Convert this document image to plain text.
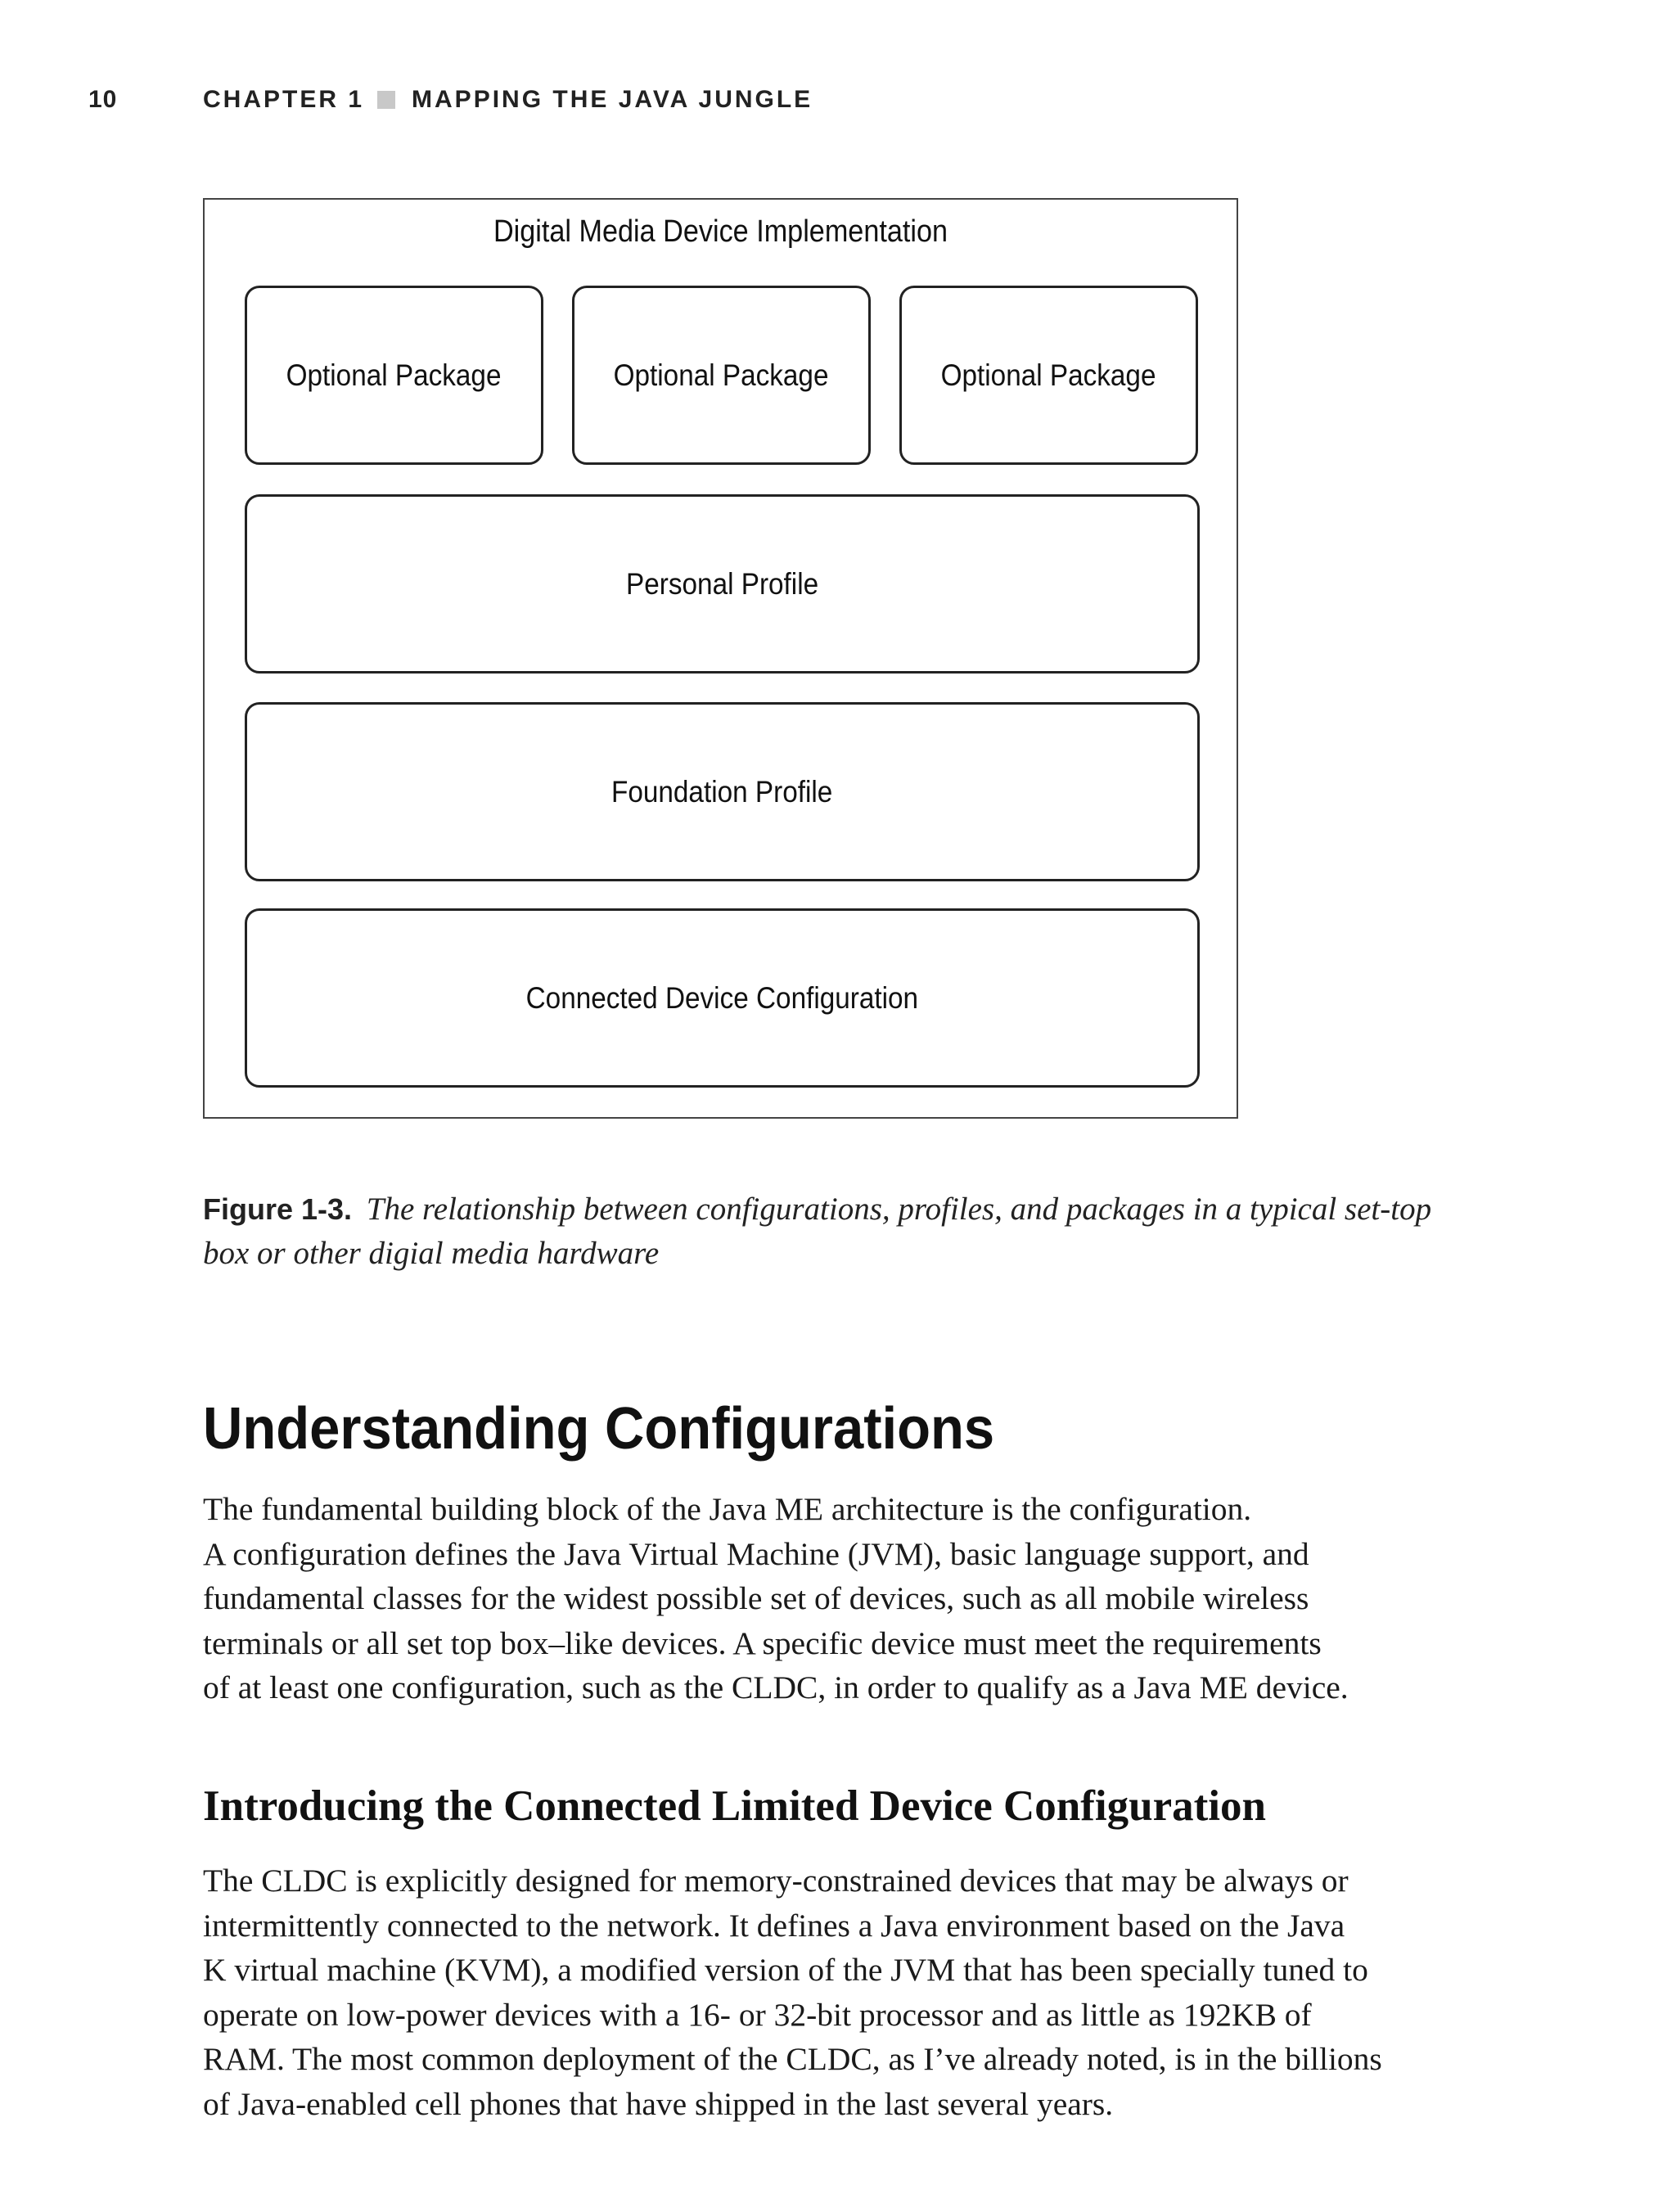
10	CHAPTER 1 MAPPING THE JAVA JUNGLE
Digital Media Device Implementation
Optional Package	Optional Package	Optional Package
Personal Profile
Foundation Profile
Connected Device Configuration

Figure 1-3. The relationship between configurations, profiles, and packages in a typical set-top box or other digial media hardware

Understanding Configurations

The fundamental building block of the Java ME architecture is the configuration.
A configuration defines the Java Virtual Machine (JVM), basic language support, and
fundamental classes for the widest possible set of devices, such as all mobile wireless
terminals or all set top box–like devices. A specific device must meet the requirements
of at least one configuration, such as the CLDC, in order to qualify as a Java ME device.

Introducing the Connected Limited Device Configuration

The CLDC is explicitly designed for memory-constrained devices that may be always or
intermittently connected to the network. It defines a Java environment based on the Java
K virtual machine (KVM), a modified version of the JVM that has been specially tuned to
operate on low-power devices with a 16- or 32-bit processor and as little as 192KB of
RAM. The most common deployment of the CLDC, as I’ve already noted, is in the billions
of Java-enabled cell phones that have shipped in the last several years.
